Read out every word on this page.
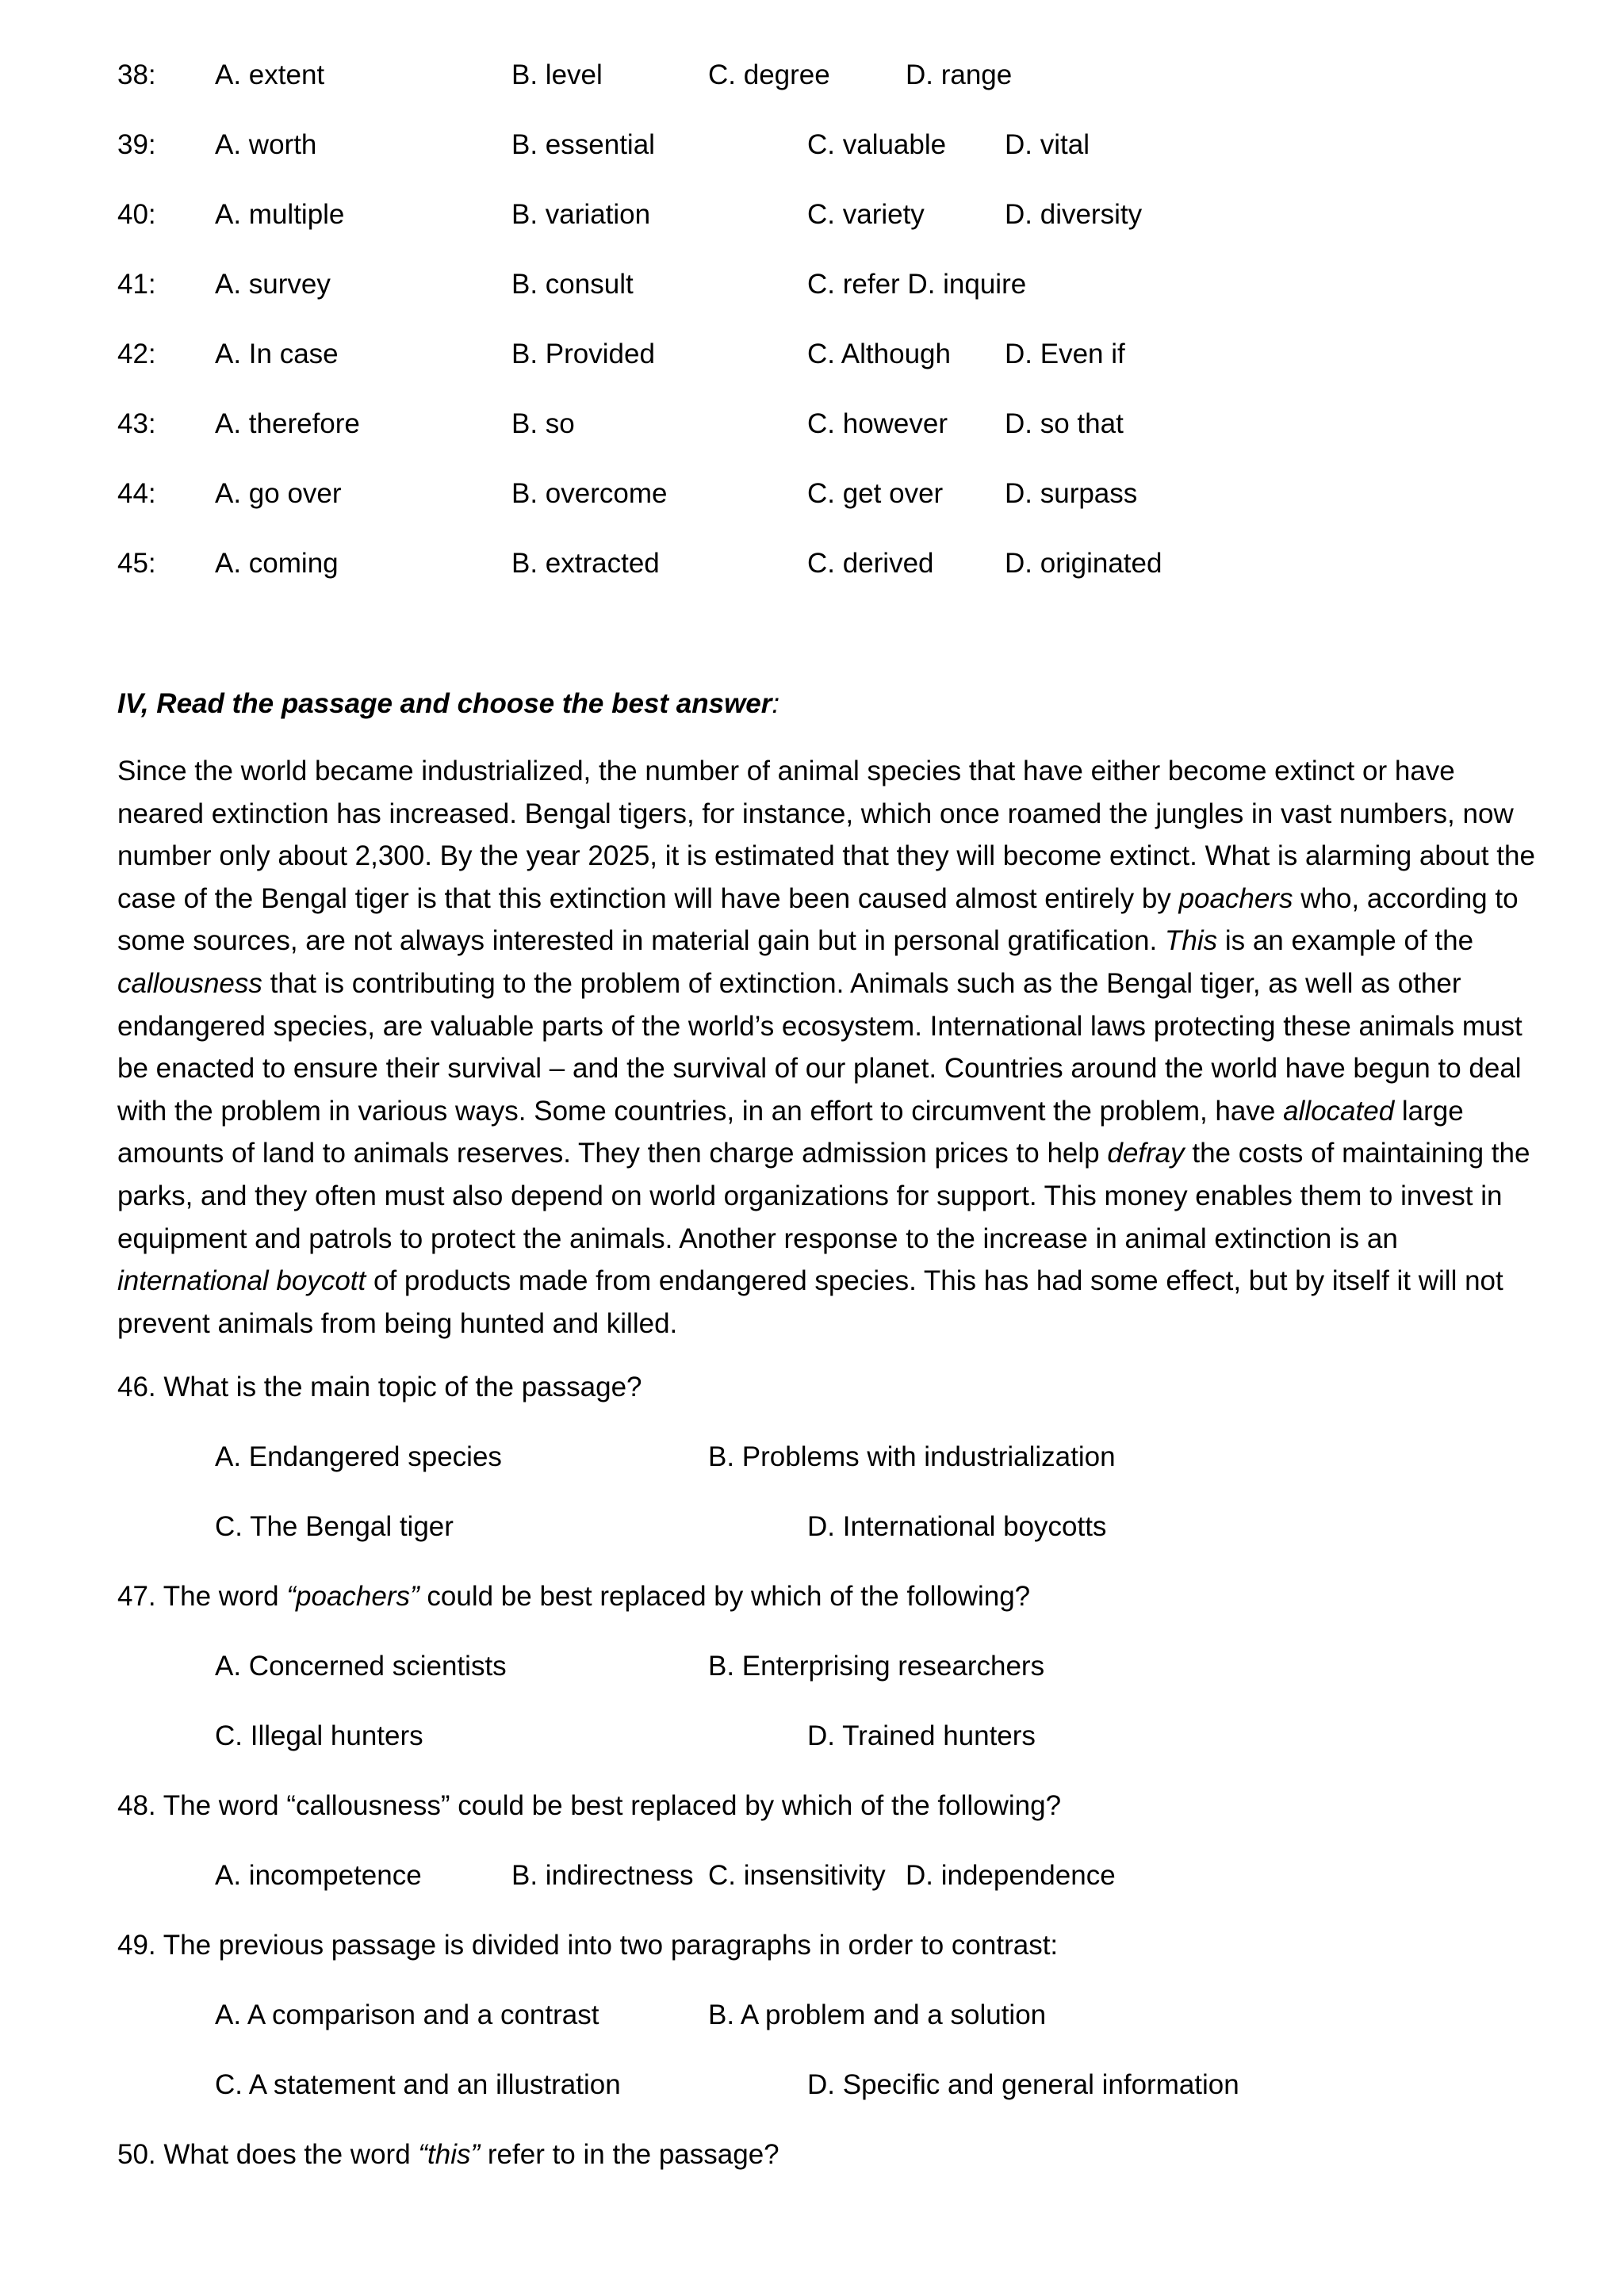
38: A. extent	B. level	C. degree	D. range
39: A. worth	B. essential	C. valuable D. vital
40: A. multiple	B. variation	C. variety	D. diversity
41: A. survey	B. consult	C. refer D. inquire
42: A. In case	B. Provided	C. Although D. Even if
43: A. therefore	B. so	C. however D. so that
44: A. go over	B. overcome	C. get over D. surpass
45: A. coming	B. extracted	C. derived	D. originated
IV, Read the passage and choose the best answer:
Since the world became industrialized, the number of animal species that have either become extinct or have neared extinction has increased. Bengal tigers, for instance, which once roamed the jungles in vast numbers, now number only about 2,300. By the year 2025, it is estimated that they will become extinct. What is alarming about the case of the Bengal tiger is that this extinction will have been caused almost entirely by poachers who, according to some sources, are not always interested in material gain but in personal gratification. This is an example of the callousness that is contributing to the problem of extinction. Animals such as the Bengal tiger, as well as other endangered species, are valuable parts of the world’s ecosystem. International laws protecting these animals must be enacted to ensure their survival – and the survival of our planet. Countries around the world have begun to deal with the problem in various ways. Some countries, in an effort to circumvent the problem, have allocated large amounts of land to animals reserves. They then charge admission prices to help defray the costs of maintaining the parks, and they often must also depend on world organizations for support. This money enables them to invest in equipment and patrols to protect the animals. Another response to the increase in animal extinction is an international boycott of products made from endangered species. This has had some effect, but by itself it will not prevent animals from being hunted and killed.
46. What is the main topic of the passage?
A. Endangered species	B. Problems with industrialization
C. The Bengal tiger	D. International boycotts
47. The word “poachers” could be best replaced by which of the following?
A. Concerned scientists	B. Enterprising researchers
C. Illegal hunters	D. Trained hunters
48. The word “callousness” could be best replaced by which of the following?
A. incompetence	B. indirectness C. insensitivity D. independence
49. The previous passage is divided into two paragraphs in order to contrast:
A. A comparison and a contrast	B. A problem and a solution
C. A statement and an illustration	D. Specific and general information
50. What does the word “this” refer to in the passage?
